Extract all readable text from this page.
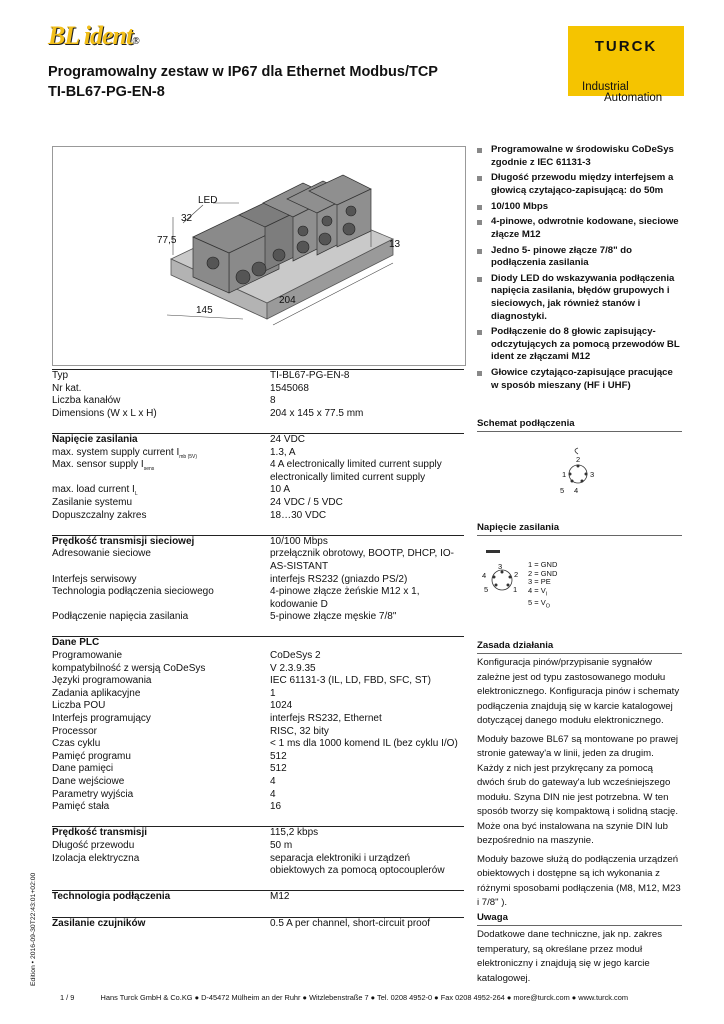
BL ident®
Programowalny zestaw w IP67 dla Ethernet Modbus/TCP
TI-BL67-PG-EN-8
TURCK
Industrial
Automation
LED
32
77,5	13
204
145
Typ	TI-BL67-PG-EN-8
Nr kat.	1545068
Liczba kanałów	8
Dimensions (W x L x H)	204 x 145 x 77.5 mm
Napięcie zasilania	24 VDC
max. system supply current $I_{mb (5V)}$	1.3, A
Max. sensor supply $I_{sens}$	4 A electronically limited current supply electronically limited current supply
max. load current $I_L$	10 A
Zasilanie systemu	24 VDC / 5 VDC
Dopuszczalny zakres	18…30 VDC
Prędkość transmisji sieciowej	10/100 Mbps
Adresowanie sieciowe	przełącznik obrotowy, BOOTP, DHCP, IO-AS-SISTANT
Interfejs serwisowy	interfejs RS232 (gniazdo PS/2)
Technologia podłączenia sieciowego	4-pinowe złącze żeńskie M12 x 1, kodowanie D
Podłączenie napięcia zasilania	5-pinowe złącze męskie 7/8"
Dane PLC
Programowanie	CoDeSys 2
kompatybilność z wersją CoDeSys	V 2.3.9.35
Języki programowania	IEC 61131-3 (IL, LD, FBD, SFC, ST)
Zadania aplikacyjne	1
Liczba POU	1024
Interfejs programujący	interfejs RS232, Ethernet
Processor	RISC, 32 bity
Czas cyklu	< 1 ms dla 1000 komend IL (bez cyklu I/O)
Pamięć programu	512
Dane pamięci	512
Dane wejściowe	4
Parametry wyjścia	4
Pamięć stała	16
Prędkość transmisji	115,2 kbps
Długość przewodu	50 m
Izolacja elektryczna	separacja elektroniki i urządzeń obiektowych za pomocą optocouplerów
Technologia podłączenia	M12
Zasilanie czujników	0.5 A per channel, short-circuit proof
Programowalne w środowisku CoDeSys zgodnie z IEC 61131-3
Długość przewodu między interfejsem a głowicą czytająco-zapisującą: do 50m
10/100 Mbps
4-pinowe, odwrotnie kodowane, sieciowe złącze M12
Jedno 5- pinowe złącze 7/8" do podłączenia zasilania
Diody LED do wskazywania podłączenia napięcia zasilania, błędów grupowych i sieciowych, jak również stanów i diagnostyki.
Podłączenie do 8 głowic zapisujący-odczytujących za pomocą przewodów BL ident ze złączami M12
Głowice czytająco-zapisujące pracujące w sposób mieszany (HF i UHF)
Schemat podłączenia
2
1	3
5 4
Napięcie zasilania
3
4	2
5	1
1 = GND
2 = GND
3 = PE
$4 = V_I$
$5 = V_O$
Zasada działania
Konfiguracja pinów/przypisanie sygnałów zależne jest od typu zastosowanego modułu elektronicznego. Konfiguracja pinów i schematy podłączenia znajdują się w karcie katalogowej dotyczącej danego modułu elektronicznego.
Moduły bazowe BL67 są montowane po prawej stronie gateway'a w linii, jeden za drugim. Każdy z nich jest przykręcany za pomocą dwóch śrub do gateway'a lub wcześniejszego modułu. Szyna DIN nie jest potrzebna. W ten sposób tworzy się kompaktową i solidną stację. Może ona być instalowana na szynie DIN lub bezpośrednio na maszynie.
Moduły bazowe służą do podłączenia urządzeń obiektowych i dostępne są ich wykonania z różnymi sposobami podłączenia (M8, M12, M23 i 7/8" ).
Uwaga
Dodatkowe dane techniczne, jak np. zakres temperatury, są określane przez moduł elektroniczny i znajdują się w jego karcie katalogowej.
Edition • 2016-09-30T22:43:01+02:00
1 / 9	Hans Turck GmbH & Co.KG ● D-45472 Mülheim an der Ruhr ● Witzlebenstraße 7 ● Tel. 0208 4952-0 ● Fax 0208 4952-264 ● more@turck.com ● www.turck.com
